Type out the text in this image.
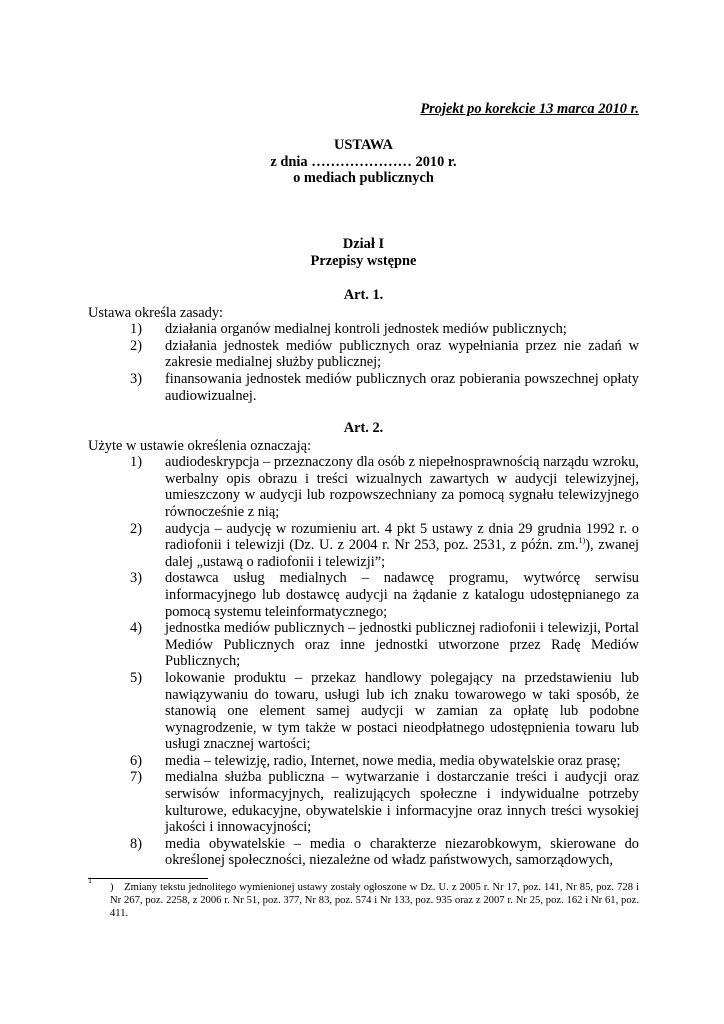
Projekt po korekcie 13 marca 2010 r.
USTAWA
z dnia ………………… 2010 r.
o mediach publicznych
Dział I
Przepisy wstępne
Art. 1.

Ustawa określa zasady:

1) działania organów medialnej kontroli jednostek mediów publicznych;
2) działania jednostek mediów publicznych oraz wypełniania przez nie zadań w zakresie medialnej służby publicznej;
3) finansowania jednostek mediów publicznych oraz pobierania powszechnej opłaty audiowizualnej.
Art. 2.

Użyte w ustawie określenia oznaczają:

1) audiodeskrypcja – przeznaczony dla osób z niepełnosprawnością narządu wzroku, werbalny opis obrazu i treści wizualnych zawartych w audycji telewizyjnej, umieszczony w audycji lub rozpowszechniany za pomocą sygnału telewizyjnego równocześnie z nią;
2) audycja – audycję w rozumieniu art. 4 pkt 5 ustawy z dnia 29 grudnia 1992 r. o radiofonii i telewizji (Dz. U. z 2004 r. Nr 253, poz. 2531, z późn. zm.$^{1)}$), zwanej dalej „ustawą o radiofonii i telewizji”;
3) dostawca usług medialnych – nadawcę programu, wytwórcę serwisu informacyjnego lub dostawcę audycji na żądanie z katalogu udostępnianego za pomocą systemu teleinformatycznego;
4) jednostka mediów publicznych – jednostki publicznej radiofonii i telewizji, Portal Mediów Publicznych oraz inne jednostki utworzone przez Radę Mediów Publicznych;
5) lokowanie produktu – przekaz handlowy polegający na przedstawieniu lub nawiązywaniu do towaru, usługi lub ich znaku towarowego w taki sposób, że stanowią one element samej audycji w zamian za opłatę lub podobne wynagrodzenie, w tym także w postaci nieodpłatnego udostępnienia towaru lub usługi znacznej wartości;
6) media – telewizję, radio, Internet, nowe media, media obywatelskie oraz prasę;
7) medialna służba publiczna – wytwarzanie i dostarczanie treści i audycji oraz serwisów informacyjnych, realizujących społeczne i indywidualne potrzeby kulturowe, edukacyjne, obywatelskie i informacyjne oraz innych treści wysokiej jakości i innowacyjności;
8) media obywatelskie – media o charakterze niezarobkowym, skierowane do określonej społeczności, niezależne od władz państwowych, samorządowych,
1
) Zmiany tekstu jednolitego wymienionej ustawy zostały ogłoszone w Dz. U. z 2005 r. Nr 17, poz. 141, Nr 85, poz. 728 i Nr 267, poz. 2258, z 2006 r. Nr 51, poz. 377, Nr 83, poz. 574 i Nr 133, poz. 935 oraz z 2007 r. Nr 25, poz. 162 i Nr 61, poz. 411.
